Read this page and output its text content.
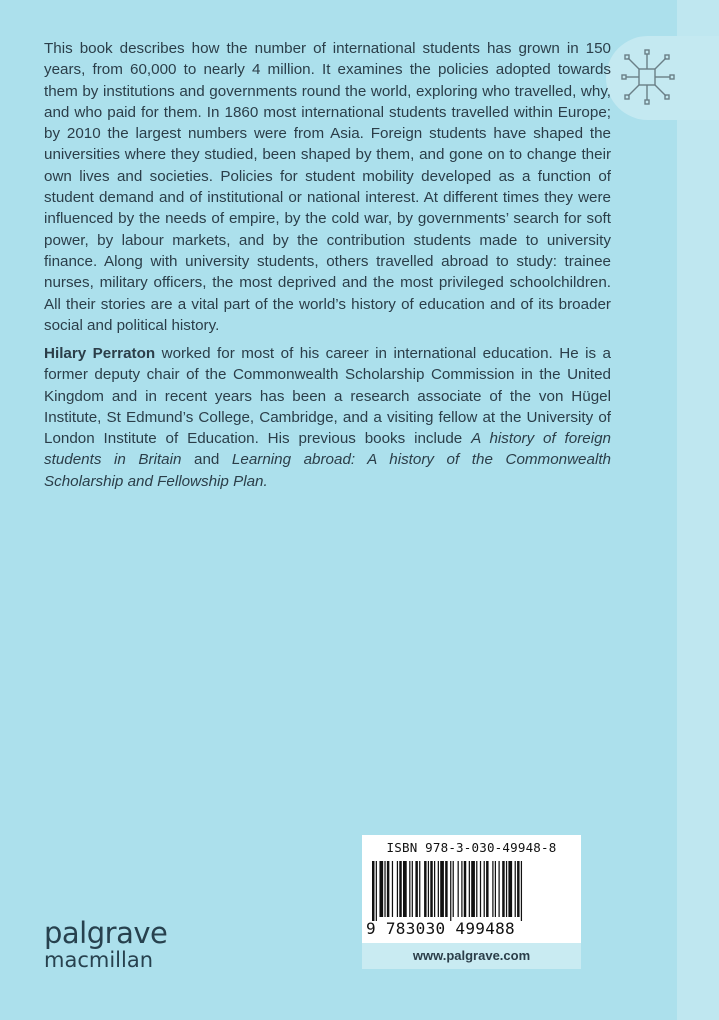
This book describes how the number of international students has grown in 150 years, from 60,000 to nearly 4 million. It examines the policies adopted towards them by institutions and governments round the world, exploring who travelled, why, and who paid for them. In 1860 most international students travelled within Europe; by 2010 the largest numbers were from Asia. Foreign students have shaped the universities where they studied, been shaped by them, and gone on to change their own lives and societies. Policies for student mobility developed as a function of student demand and of institutional or national interest. At different times they were influenced by the needs of empire, by the cold war, by governments’ search for soft power, by labour markets, and by the contribution students made to university finance. Along with university students, others travelled abroad to study: trainee nurses, military officers, the most deprived and the most privileged schoolchildren. All their stories are a vital part of the world’s history of education and of its broader social and political history.

Hilary Perraton worked for most of his career in international education. He is a former deputy chair of the Commonwealth Scholarship Commission in the United Kingdom and in recent years has been a research associate of the von Hügel Institute, St Edmund’s College, Cambridge, and a visiting fellow at the University of London Institute of Education. His previous books include A history of foreign students in Britain and Learning abroad: A history of the Commonwealth Scholarship and Fellowship Plan.

ISBN 978-3-030-49948-8
9 783030 499488
www.palgrave.com
palgrave
macmillan
